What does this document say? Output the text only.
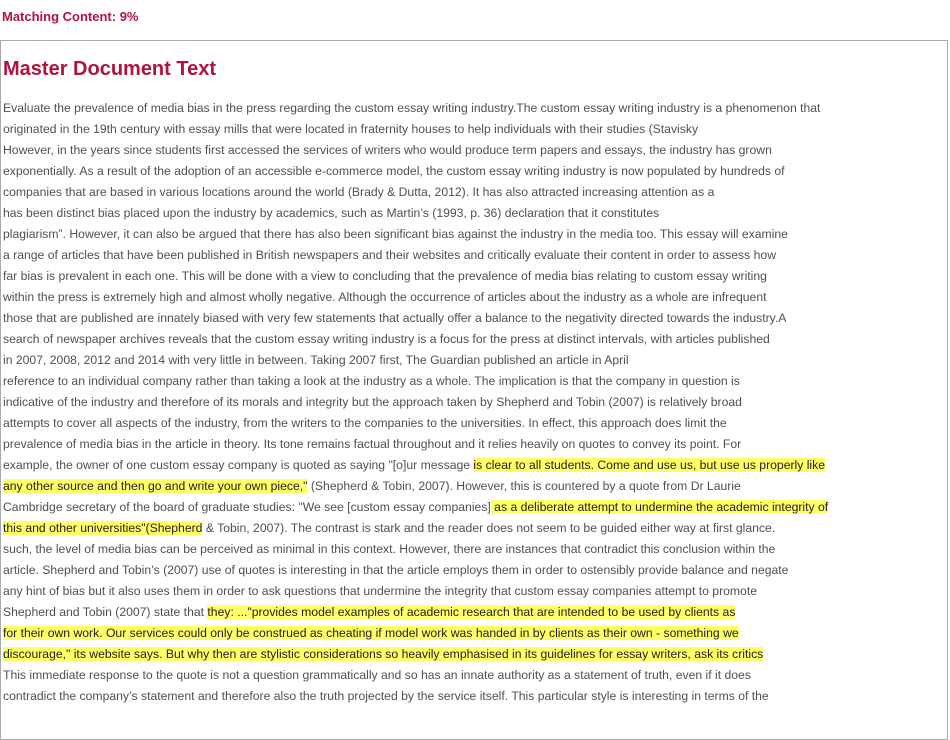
Matching Content: 9%
Master Document Text
Evaluate the prevalence of media bias in the press regarding the custom essay writing industry.The custom essay writing industry is a phenomenon that
originated in the 19th century with essay mills that were located in fraternity houses to help individuals with their studies (Stavisky
However, in the years since students first accessed the services of writers who would produce term papers and essays, the industry has grown
exponentially. As a result of the adoption of an accessible e-commerce model, the custom essay writing industry is now populated by hundreds of
companies that are based in various locations around the world (Brady & Dutta, 2012). It has also attracted increasing attention as a
has been distinct bias placed upon the industry by academics, such as Martin’s (1993, p. 36) declaration that it constitutes
plagiarism”. However, it can also be argued that there has also been significant bias against the industry in the media too. This essay will examine
a range of articles that have been published in British newspapers and their websites and critically evaluate their content in order to assess how
far bias is prevalent in each one. This will be done with a view to concluding that the prevalence of media bias relating to custom essay writing
within the press is extremely high and almost wholly negative. Although the occurrence of articles about the industry as a whole are infrequent
those that are published are innately biased with very few statements that actually offer a balance to the negativity directed towards the industry.A
search of newspaper archives reveals that the custom essay writing industry is a focus for the press at distinct intervals, with articles published
in 2007, 2008, 2012 and 2014 with very little in between. Taking 2007 first, The Guardian published an article in April
reference to an individual company rather than taking a look at the industry as a whole. The implication is that the company in question is
indicative of the industry and therefore of its morals and integrity but the approach taken by Shepherd and Tobin (2007) is relatively broad
attempts to cover all aspects of the industry, from the writers to the companies to the universities. In effect, this approach does limit the
prevalence of media bias in the article in theory. Its tone remains factual throughout and it relies heavily on quotes to convey its point. For
example, the owner of one custom essay company is quoted as saying "[o]ur message is clear to all students. Come and use us, but use us properly like
any other source and then go and write your own piece," (Shepherd & Tobin, 2007). However, this is countered by a quote from Dr Laurie
Cambridge secretary of the board of graduate studies: "We see [custom essay companies] as a deliberate attempt to undermine the academic integrity of
this and other universities"(Shepherd & Tobin, 2007). The contrast is stark and the reader does not seem to be guided either way at first glance.
such, the level of media bias can be perceived as minimal in this context. However, there are instances that contradict this conclusion within the
article. Shepherd and Tobin’s (2007) use of quotes is interesting in that the article employs them in order to ostensibly provide balance and negate
any hint of bias but it also uses them in order to ask questions that undermine the integrity that custom essay companies attempt to promote
Shepherd and Tobin (2007) state that they: ..."provides model examples of academic research that are intended to be used by clients as
for their own work. Our services could only be construed as cheating if model work was handed in by clients as their own - something we
discourage," its website says. But why then are stylistic considerations so heavily emphasised in its guidelines for essay writers, ask its critics
This immediate response to the quote is not a question grammatically and so has an innate authority as a statement of truth, even if it does
contradict the company’s statement and therefore also the truth projected by the service itself. This particular style is interesting in terms of the
